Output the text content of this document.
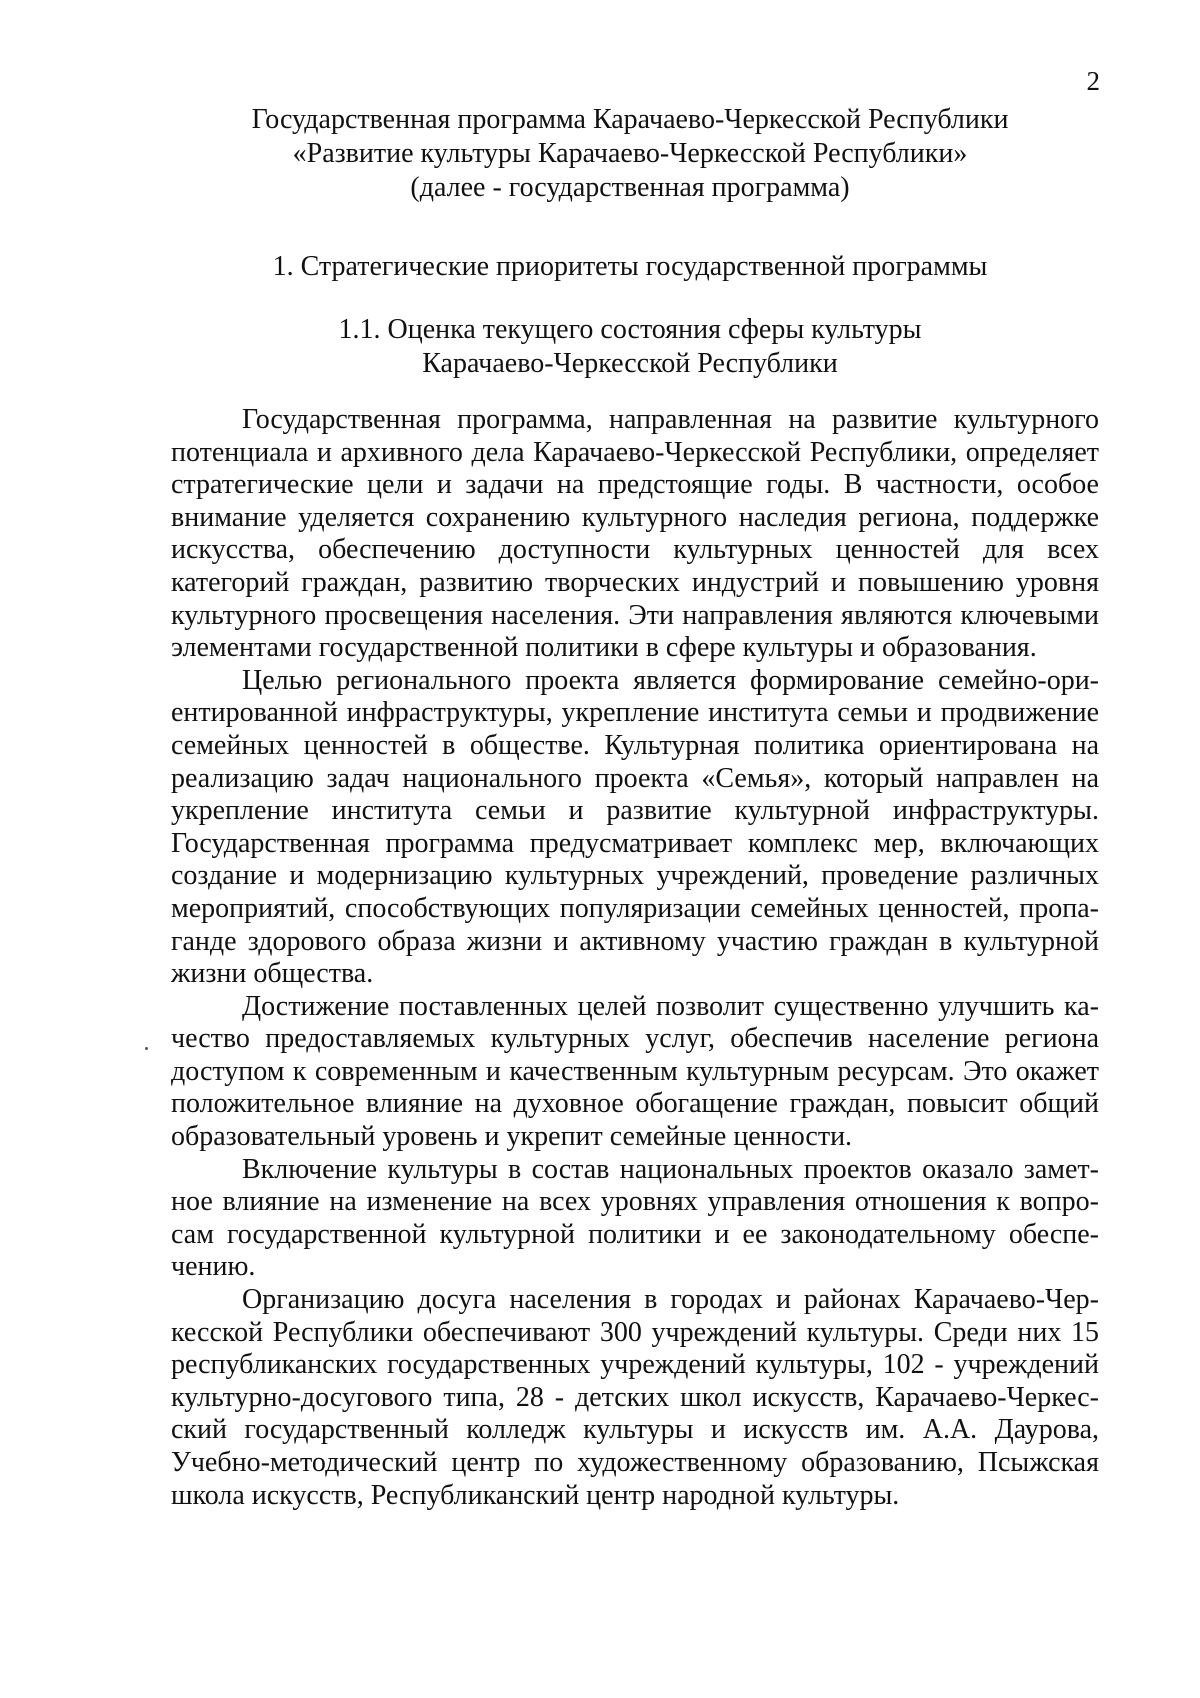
2
Государственная программа Карачаево-Черкесской Республики
«Развитие культуры Карачаево-Черкесской Республики»
(далее - государственная программа)
1. Стратегические приоритеты государственной программы
1.1. Оценка текущего состояния сферы культуры
Карачаево-Черкесской Республики

Государственная программа, направленная на развитие культурного потенциала и архивного дела Карачаево-Черкесской Республики, определяет стратегические цели и задачи на предстоящие годы. В частности, особое внимание уделяется сохранению культурного наследия региона, поддержке искусства, обеспечению доступности культурных ценностей для всех категорий граждан, развитию творческих индустрий и повышению уровня культурного просвещения населения. Эти направления являются ключевыми элементами государственной политики в сфере культуры и образования.

Целью регионального проекта является формирование семейно-ориентированной инфраструктуры, укрепление института семьи и продвижение семейных ценностей в обществе. Культурная политика ориентирована на реализацию задач национального проекта «Семья», который направлен на укрепление института семьи и развитие культурной инфраструктуры. Государственная программа предусматривает комплекс мер, включающих создание и модернизацию культурных учреждений, проведение различных мероприятий, способствующих популяризации семейных ценностей, пропаганде здорового образа жизни и активному участию граждан в культурной жизни общества.

Достижение поставленных целей позволит существенно улучшить качество предоставляемых культурных услуг, обеспечив население региона доступом к современным и качественным культурным ресурсам. Это окажет положительное влияние на духовное обогащение граждан, повысит общий образовательный уровень и укрепит семейные ценности.

Включение культуры в состав национальных проектов оказало заметное влияние на изменение на всех уровнях управления отношения к вопросам государственной культурной политики и ее законодательному обеспечению.

Организацию досуга населения в городах и районах Карачаево-Черкесской Республики обеспечивают 300 учреждений культуры. Среди них 15 республиканских государственных учреждений культуры, 102 - учреждений культурно-досугового типа, 28 - детских школ искусств, Карачаево-Черкесский государственный колледж культуры и искусств им. А.А. Даурова, Учебно-методический центр по художественному образованию, Псыжская школа искусств, Республиканский центр народной культуры.
